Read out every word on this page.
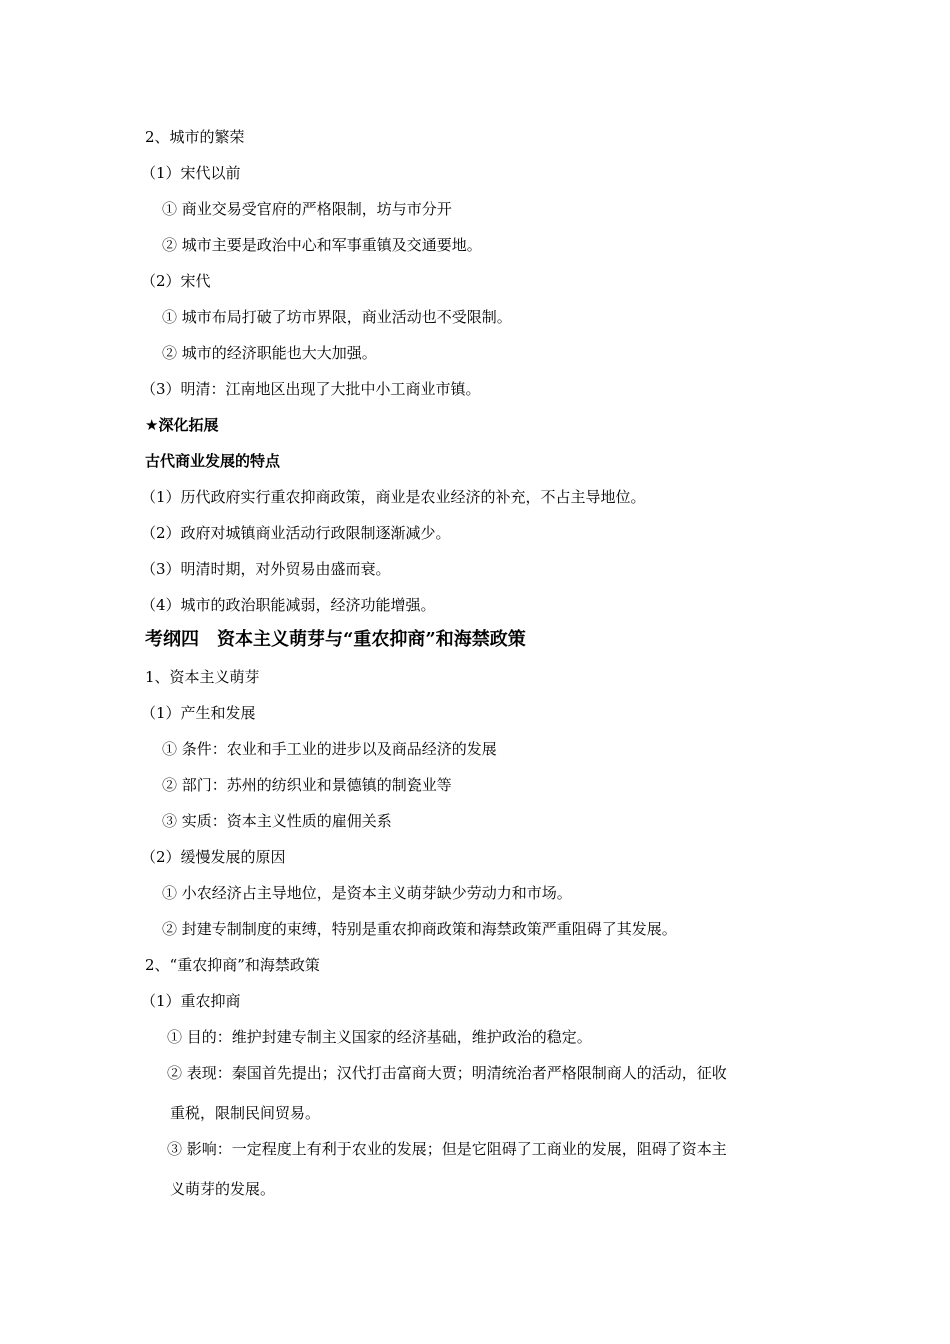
2、城市的繁荣
（1）宋代以前
① 商业交易受官府的严格限制，坊与市分开
② 城市主要是政治中心和军事重镇及交通要地。
（2）宋代
① 城市布局打破了坊市界限，商业活动也不受限制。
② 城市的经济职能也大大加强。
（3）明清：江南地区出现了大批中小工商业市镇。
★深化拓展
古代商业发展的特点
（1）历代政府实行重农抑商政策，商业是农业经济的补充，不占主导地位。
（2）政府对城镇商业活动行政限制逐渐减少。
（3）明清时期，对外贸易由盛而衰。
（4）城市的政治职能减弱，经济功能增强。
考纲四　资本主义萌芽与“重农抑商”和海禁政策
1、资本主义萌芽
（1）产生和发展
① 条件：农业和手工业的进步以及商品经济的发展
② 部门：苏州的纺织业和景德镇的制瓷业等
③ 实质：资本主义性质的雇佣关系
（2）缓慢发展的原因
① 小农经济占主导地位，是资本主义萌芽缺少劳动力和市场。
② 封建专制制度的束缚，特别是重农抑商政策和海禁政策严重阻碍了其发展。
2、“重农抑商”和海禁政策
（1）重农抑商
① 目的：维护封建专制主义国家的经济基础，维护政治的稳定。
② 表现：秦国首先提出；汉代打击富商大贾；明清统治者严格限制商人的活动，征收
重税，限制民间贸易。
③ 影响：一定程度上有利于农业的发展；但是它阻碍了工商业的发展，阻碍了资本主
义萌芽的发展。
